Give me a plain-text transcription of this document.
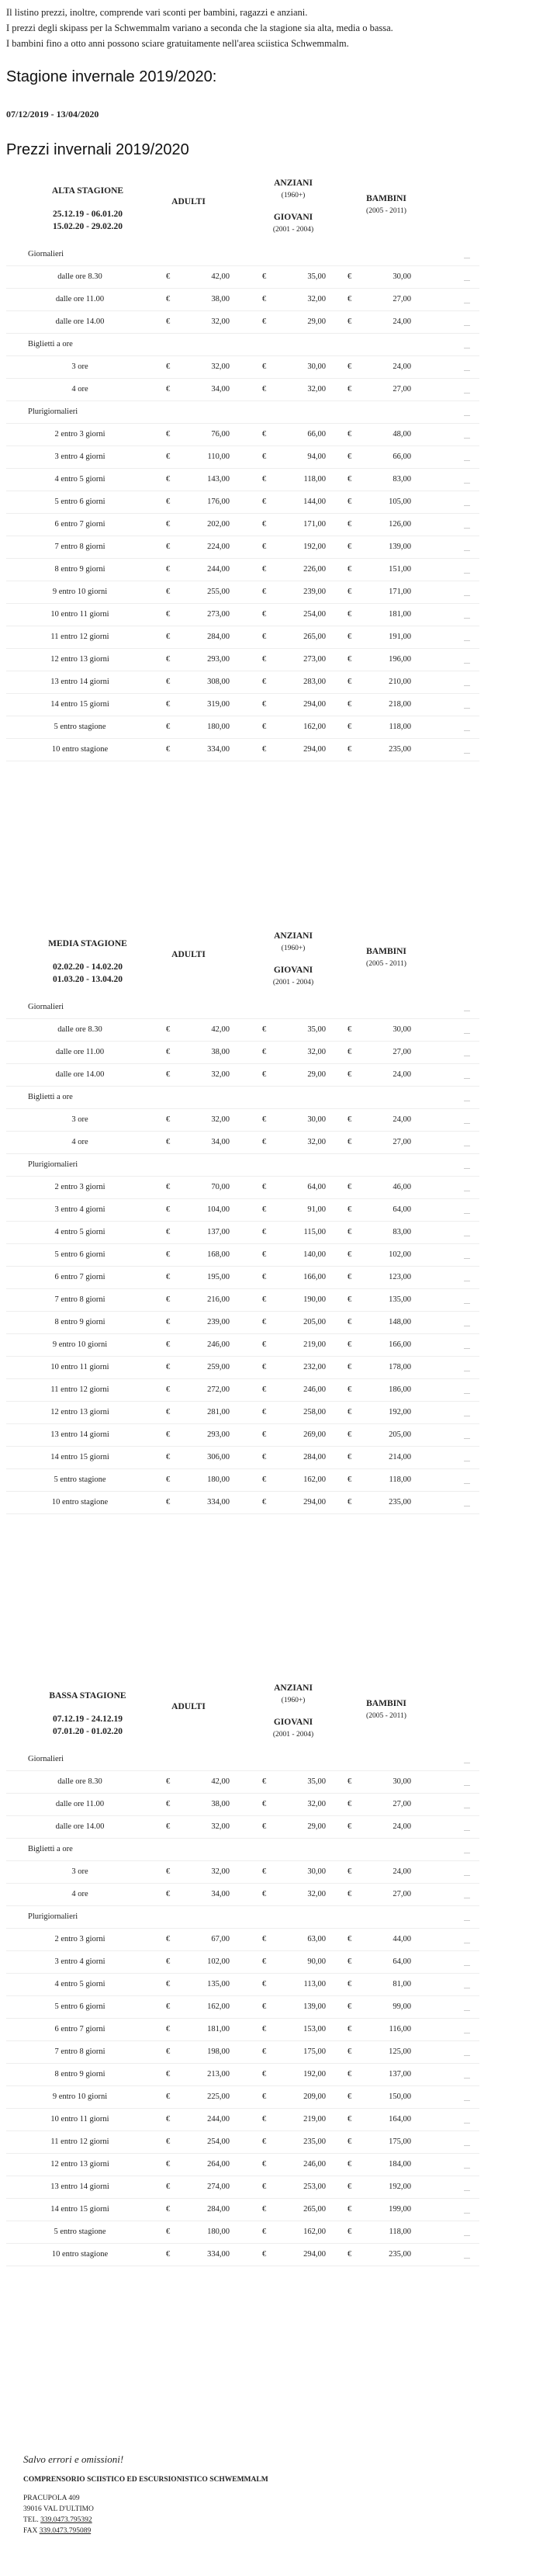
Il listino prezzi, inoltre, comprende vari sconti per bambini, ragazzi e anziani.

I prezzi degli skipass per la Schwemmalm variano a seconda che la stagione sia alta, media o bassa.

I bambini fino a otto anni possono sciare gratuitamente nell'area sciistica Schwemmalm.

Stagione invernale 2019/2020:

07/12/2019 - 13/04/2020

Prezzi invernali 2019/2020
ALTA STAGIONE
25.12.19 - 06.01.20
15.02.20 - 29.02.20
ADULTI
ANZIANI
(1960+)
GIOVANI
(2001 - 2004)
BAMBINI
(2005 - 2011)
Giornalieri
dalle ore 8.30	€	42,00	€	35,00	€	30,00
dalle ore 11.00	€	38,00	€	32,00	€	27,00
dalle ore 14.00	€	32,00	€	29,00	€	24,00
Biglietti a ore
3 ore	€	32,00	€	30,00	€	24,00
4 ore	€	34,00	€	32,00	€	27,00
Plurigiornalieri
2 entro 3 giorni	€	76,00	€	66,00	€	48,00
3 entro 4 giorni	€	110,00	€	94,00	€	66,00
4 entro 5 giorni	€	143,00	€	118,00	€	83,00
5 entro 6 giorni	€	176,00	€	144,00	€	105,00
6 entro 7 giorni	€	202,00	€	171,00	€	126,00
7 entro 8 giorni	€	224,00	€	192,00	€	139,00
8 entro 9 giorni	€	244,00	€	226,00	€	151,00
9 entro 10 giorni	€	255,00	€	239,00	€	171,00
10 entro 11 giorni	€	273,00	€	254,00	€	181,00
11 entro 12 giorni	€	284,00	€	265,00	€	191,00
12 entro 13 giorni	€	293,00	€	273,00	€	196,00
13 entro 14 giorni	€	308,00	€	283,00	€	210,00
14 entro 15 giorni	€	319,00	€	294,00	€	218,00
5 entro stagione	€	180,00	€	162,00	€	118,00
10 entro stagione	€	334,00	€	294,00	€	235,00
MEDIA STAGIONE
02.02.20 - 14.02.20
01.03.20 - 13.04.20
ADULTI
ANZIANI
(1960+)
GIOVANI
(2001 - 2004)
BAMBINI
(2005 - 2011)
Giornalieri
dalle ore 8.30	€	42,00	€	35,00	€	30,00
dalle ore 11.00	€	38,00	€	32,00	€	27,00
dalle ore 14.00	€	32,00	€	29,00	€	24,00
Biglietti a ore
3 ore	€	32,00	€	30,00	€	24,00
4 ore	€	34,00	€	32,00	€	27,00
Plurigiornalieri
2 entro 3 giorni	€	70,00	€	64,00	€	46,00
3 entro 4 giorni	€	104,00	€	91,00	€	64,00
4 entro 5 giorni	€	137,00	€	115,00	€	83,00
5 entro 6 giorni	€	168,00	€	140,00	€	102,00
6 entro 7 giorni	€	195,00	€	166,00	€	123,00
7 entro 8 giorni	€	216,00	€	190,00	€	135,00
8 entro 9 giorni	€	239,00	€	205,00	€	148,00
9 entro 10 giorni	€	246,00	€	219,00	€	166,00
10 entro 11 giorni	€	259,00	€	232,00	€	178,00
11 entro 12 giorni	€	272,00	€	246,00	€	186,00
12 entro 13 giorni	€	281,00	€	258,00	€	192,00
13 entro 14 giorni	€	293,00	€	269,00	€	205,00
14 entro 15 giorni	€	306,00	€	284,00	€	214,00
5 entro stagione	€	180,00	€	162,00	€	118,00
10 entro stagione	€	334,00	€	294,00	€	235,00
BASSA STAGIONE
07.12.19 - 24.12.19
07.01.20 - 01.02.20
ADULTI
ANZIANI
(1960+)
GIOVANI
(2001 - 2004)
BAMBINI
(2005 - 2011)
Giornalieri
dalle ore 8.30	€	42,00	€	35,00	€	30,00
dalle ore 11.00	€	38,00	€	32,00	€	27,00
dalle ore 14.00	€	32,00	€	29,00	€	24,00
Biglietti a ore
3 ore	€	32,00	€	30,00	€	24,00
4 ore	€	34,00	€	32,00	€	27,00
Plurigiornalieri
2 entro 3 giorni	€	67,00	€	63,00	€	44,00
3 entro 4 giorni	€	102,00	€	90,00	€	64,00
4 entro 5 giorni	€	135,00	€	113,00	€	81,00
5 entro 6 giorni	€	162,00	€	139,00	€	99,00
6 entro 7 giorni	€	181,00	€	153,00	€	116,00
7 entro 8 giorni	€	198,00	€	175,00	€	125,00
8 entro 9 giorni	€	213,00	€	192,00	€	137,00
9 entro 10 giorni	€	225,00	€	209,00	€	150,00
10 entro 11 giorni	€	244,00	€	219,00	€	164,00
11 entro 12 giorni	€	254,00	€	235,00	€	175,00
12 entro 13 giorni	€	264,00	€	246,00	€	184,00
13 entro 14 giorni	€	274,00	€	253,00	€	192,00
14 entro 15 giorni	€	284,00	€	265,00	€	199,00
5 entro stagione	€	180,00	€	162,00	€	118,00
10 entro stagione	€	334,00	€	294,00	€	235,00
Salvo errori e omissioni!
COMPRENSORIO SCIISTICO ED ESCURSIONISTICO SCHWEMMALM
PRACUPOLA 409
39016 VAL D'ULTIMO
TEL. 339.0473.795392
FAX 339.0473.795089
